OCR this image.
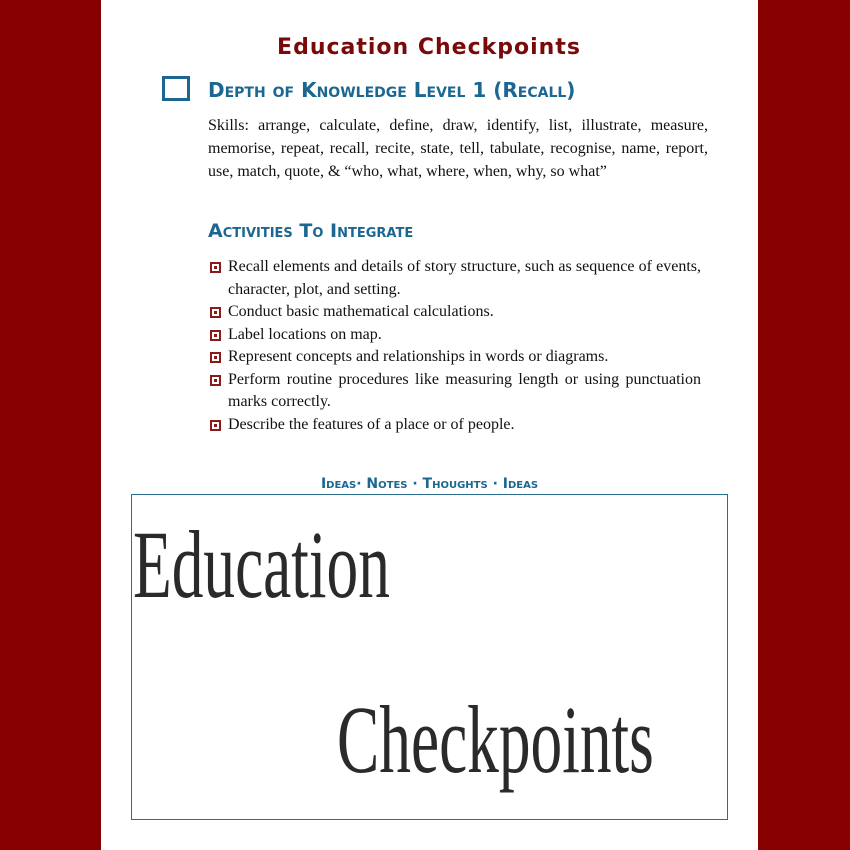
Education Checkpoints
Depth of Knowledge Level 1 (Recall)

Skills: arrange, calculate, define, draw, identify, list, illustrate, measure, memorise, repeat, recall, recite, state, tell, tabulate, recognise, name, report, use, match, quote, & “who, what, where, when, why, so what”

Activities To Integrate
Recall elements and details of story structure, such as sequence of events, character, plot, and setting.
Conduct basic mathematical calculations.
Label locations on map.
Represent concepts and relationships in words or diagrams.
Perform routine procedures like measuring length or using punctuation marks correctly.
Describe the features of a place or of people.
Ideas· Notes · Thoughts · Ideas
Education
Checkpoints
